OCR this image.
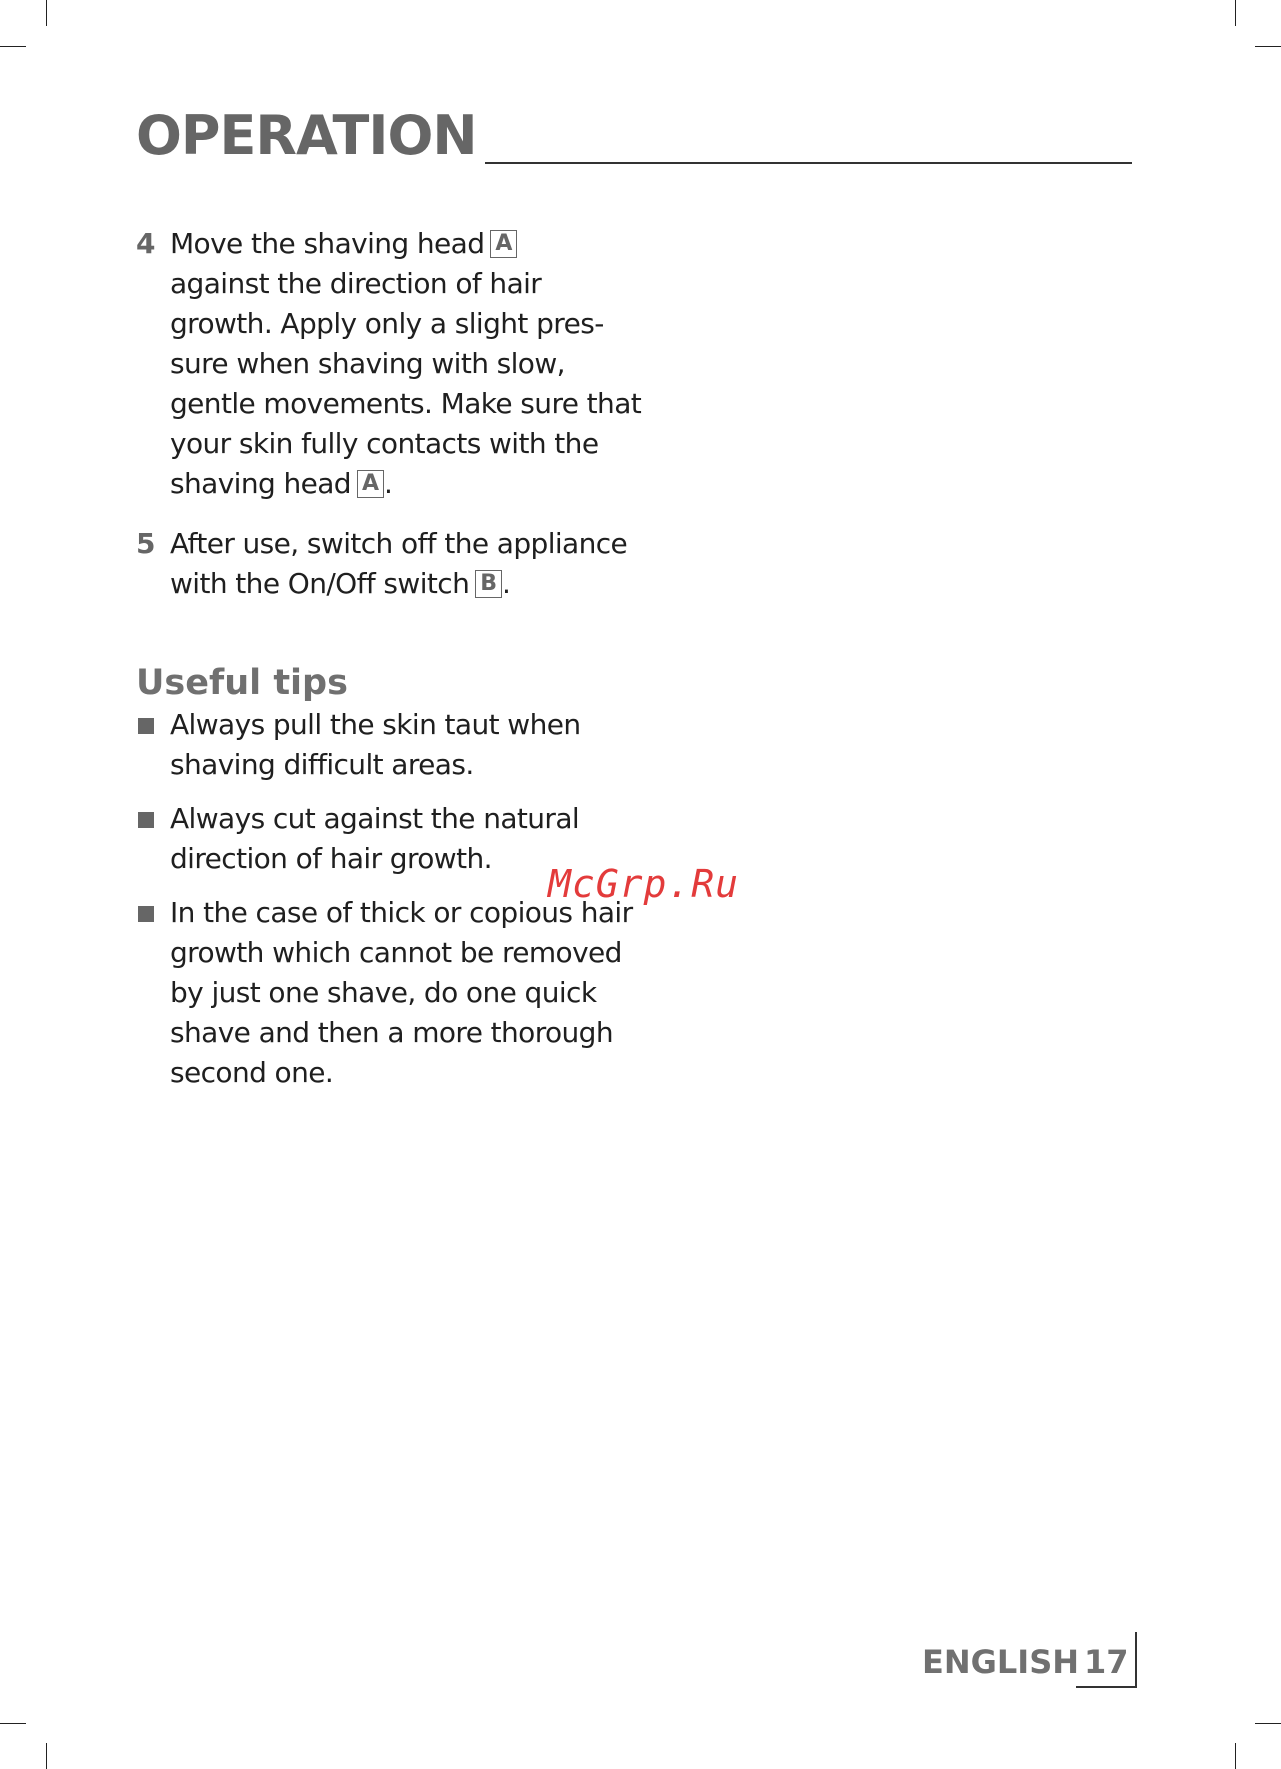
OPERATION
4 Move the shaving head A
against the direction of hair
growth. Apply only a slight pres-
sure when shaving with slow,
gentle movements. Make sure that
your skin fully contacts with the
shaving head A .
5 After use, switch off the appliance
with the On/Off switch B .
Useful tips
Always pull the skin taut when
shaving difficult areas.
Always cut against the natural
direction of hair growth.
In the case of thick or copious hair
growth which cannot be removed
by just one shave, do one quick
shave and then a more thorough
second one.
McGrp.Ru
ENGLISH 17
